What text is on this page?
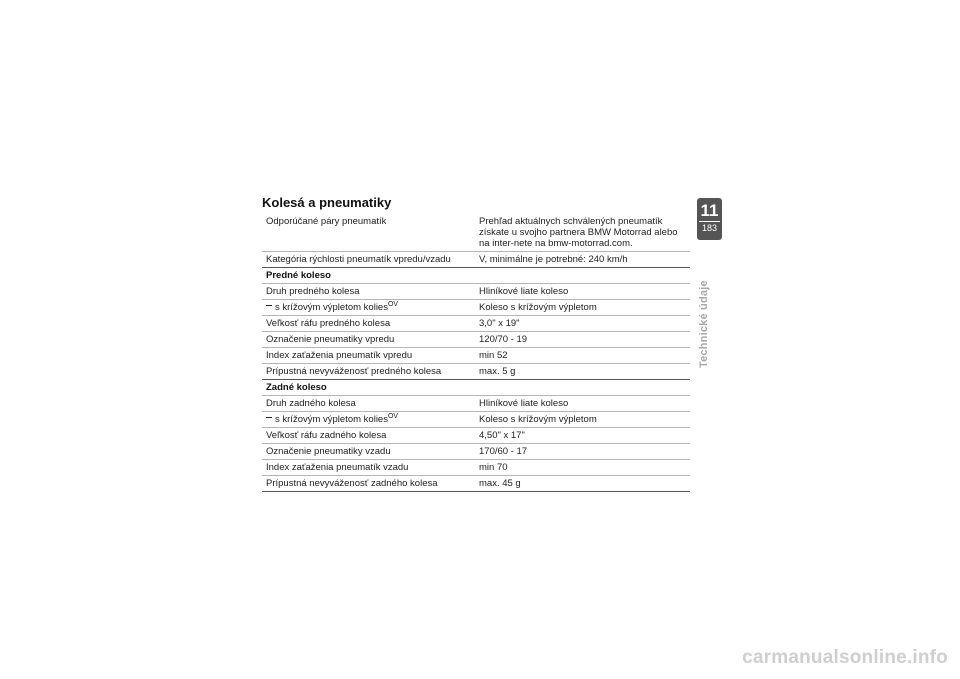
Kolesá a pneumatiky
Odporúčané páry pneumatík	Prehľad aktuálnych schválených pneumatík získate u svojho partnera BMW Motorrad alebo na inter-nete na bmw-motorrad.com.
Kategória rýchlosti pneumatík vpredu/vzadu	V, minimálne je potrebné: 240 km/h
Predné koleso	
Druh predného kolesa	Hliníkové liate koleso
s krížovým výpletom kolies$^{OV}$	Koleso s krížovým výpletom
Veľkosť ráfu predného kolesa	3,0" x 19"
Označenie pneumatiky vpredu	120/70 - 19
Index zaťaženia pneumatík vpredu	min 52
Prípustná nevyváženosť predného kolesa	max. 5 g
Zadné koleso	
Druh zadného kolesa	Hliníkové liate koleso
s krížovým výpletom kolies$^{OV}$	Koleso s krížovým výpletom
Veľkosť ráfu zadného kolesa	4,50" x 17"
Označenie pneumatiky vzadu	170/60 - 17
Index zaťaženia pneumatík vzadu	min 70
Prípustná nevyváženosť zadného kolesa	max. 45 g
11
183
Technické údaje
carmanualsonline.info
